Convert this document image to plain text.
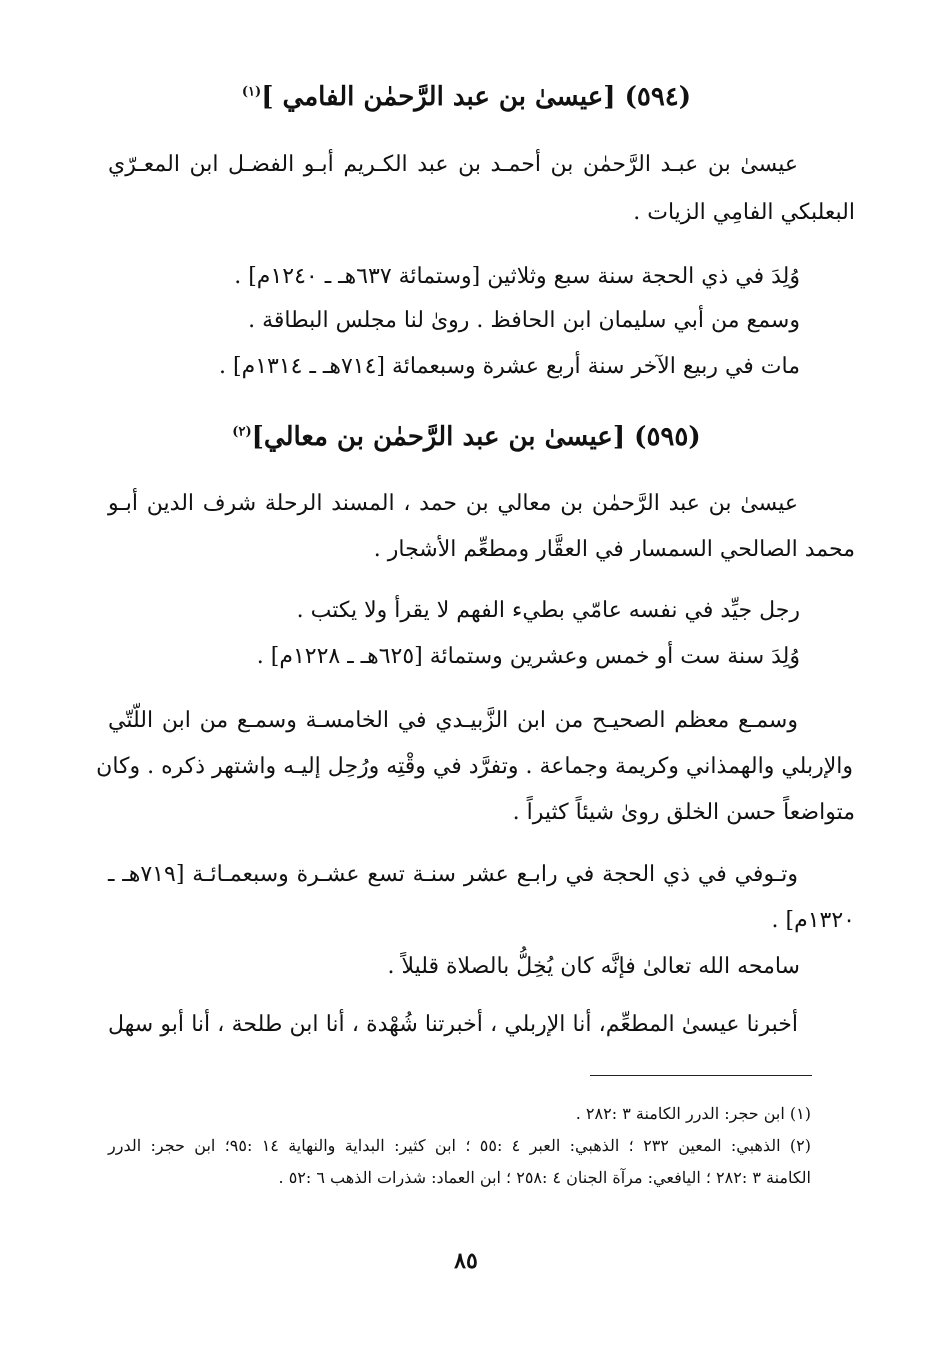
(٥٩٤) [عيسىٰ بن عبد الرَّحمٰن الفامي ]$^{(١)}$
عيسىٰ بن عبـد الرَّحمٰن بن أحمـد بن عبد الكـريم أبـو الفضـل ابن المعـرّي
البعلبكي الفامِي الزيات .
وُلِدَ في ذي الحجة سنة سبع وثلاثين [وستمائة ٦٣٧هـ ـ ١٢٤٠م] .
وسمع من أبي سليمان ابن الحافظ . روىٰ لنا مجلس البطاقة .
مات في ربيع الآخر سنة أربع عشرة وسبعمائة [٧١٤هـ ـ ١٣١٤م] .
(٥٩٥) [عيسىٰ بن عبد الرَّحمٰن بن معالي]$^{(٢)}$
عيسىٰ بن عبد الرَّحمٰن بن معالي بن حمد ، المسند الرحلة شرف الدين أبـو
محمد الصالحي السمسار في العقَّار ومطعِّم الأشجار .
رجل جيِّد في نفسه عامّي بطيء الفهم لا يقرأ ولا يكتب .
وُلِدَ سنة ست أو خمس وعشرين وستمائة [٦٢٥هـ ـ ١٢٢٨م] .
وسمـع معظم الصحيـح من ابن الزَّبيـدي في الخامسـة وسمـع من ابن اللّتّي
والإربلي والهمذاني وكريمة وجماعة . وتفرَّد في وقْتِه ورُحِل إليـه واشتهر ذكره . وكان
متواضعاً حسن الخلق روىٰ شيئاً كثيراً .
وتـوفي في ذي الحجة في رابـع عشر سنـة تسع عشـرة وسبعمـائـة [٧١٩هـ ـ
١٣٢٠م] .
سامحه الله تعالىٰ فإنَّه كان يُخِلُّ بالصلاة قليلاً .
أخبرنا عيسىٰ المطعِّم، أنا الإربلي ، أخبرتنا شُهْدة ، أنا ابن طلحة ، أنا أبو سهل
(١) ابن حجر: الدرر الكامنة ٣ :٢٨٢ .
(٢) الذهبي: المعين ٢٣٢ ؛ الذهبي: العبر ٤ :٥٥ ؛ ابن كثير: البداية والنهاية ١٤ :٩٥؛ ابن حجر: الدرر
الكامنة ٣ :٢٨٢ ؛ اليافعي: مرآة الجنان ٤ :٢٥٨ ؛ ابن العماد: شذرات الذهب ٦ :٥٢ .
٨٥
